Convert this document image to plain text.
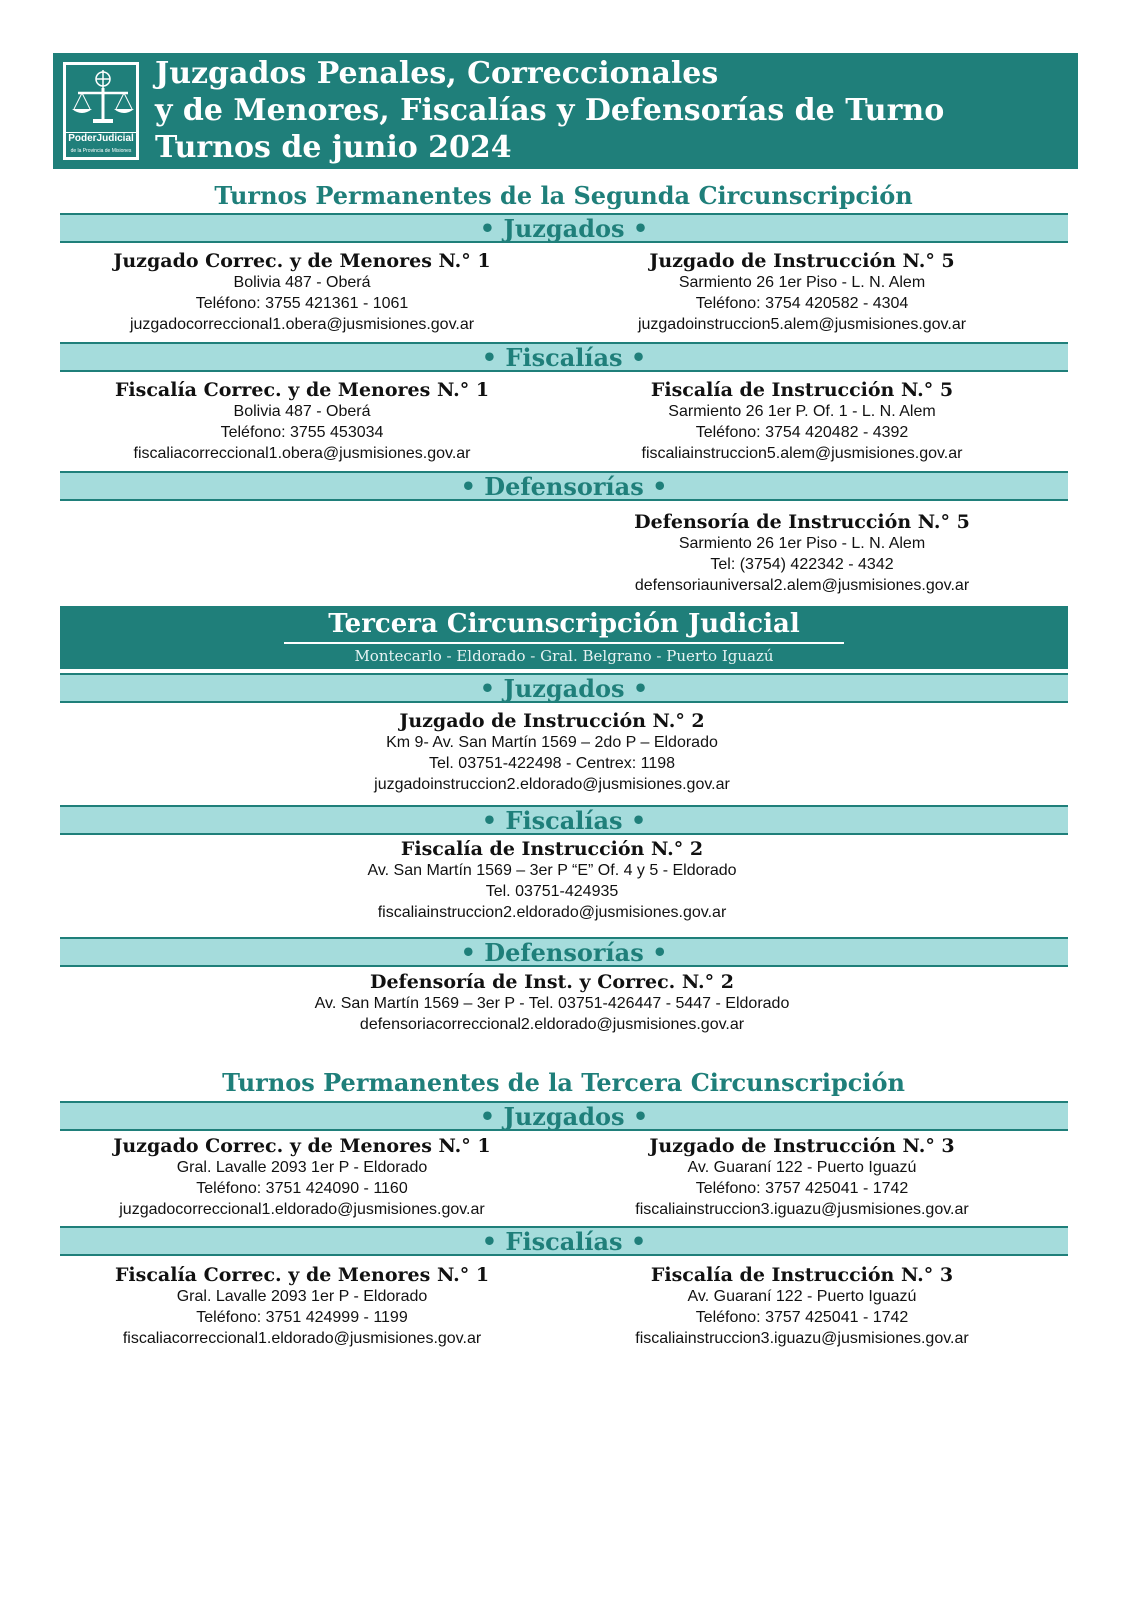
PoderJudicial
de la Provincia de Misiones
Juzgados Penales, Correccionales
y de Menores, Fiscalías y Defensorías de Turno
Turnos de junio 2024
Turnos Permanentes de la Segunda Circunscripción
• Juzgados •
Juzgado Correc. y de Menores N.° 1
Bolivia 487 - Oberá
Teléfono: 3755 421361 - 1061
juzgadocorreccional1.obera@jusmisiones.gov.ar
Juzgado de Instrucción N.° 5
Sarmiento 26 1er Piso - L. N. Alem
Teléfono: 3754 420582 - 4304
juzgadoinstruccion5.alem@jusmisiones.gov.ar
• Fiscalías •
Fiscalía Correc. y de Menores N.° 1
Bolivia 487 - Oberá
Teléfono: 3755 453034
fiscaliacorreccional1.obera@jusmisiones.gov.ar
Fiscalía de Instrucción N.° 5
Sarmiento 26 1er P. Of. 1 - L. N. Alem
Teléfono: 3754 420482 - 4392
fiscaliainstruccion5.alem@jusmisiones.gov.ar
• Defensorías •
Defensoría de Instrucción N.° 5
Sarmiento 26 1er Piso - L. N. Alem
Tel: (3754) 422342 - 4342
defensoriauniversal2.alem@jusmisiones.gov.ar
Tercera Circunscripción Judicial
Montecarlo - Eldorado - Gral. Belgrano - Puerto Iguazú
• Juzgados •
Juzgado de Instrucción N.° 2
Km 9- Av. San Martín 1569 – 2do P – Eldorado
Tel. 03751-422498 - Centrex: 1198
juzgadoinstruccion2.eldorado@jusmisiones.gov.ar
• Fiscalías •
Fiscalía de Instrucción N.° 2
Av. San Martín 1569 – 3er P “E” Of. 4 y 5 - Eldorado
Tel. 03751-424935
fiscaliainstruccion2.eldorado@jusmisiones.gov.ar
• Defensorías •
Defensoría de Inst. y Correc. N.° 2
Av. San Martín 1569 – 3er P - Tel. 03751-426447 - 5447 - Eldorado
defensoriacorreccional2.eldorado@jusmisiones.gov.ar
Turnos Permanentes de la Tercera Circunscripción
• Juzgados •
Juzgado Correc. y de Menores N.° 1
Gral. Lavalle 2093 1er P - Eldorado
Teléfono: 3751 424090 - 1160
juzgadocorreccional1.eldorado@jusmisiones.gov.ar
Juzgado de Instrucción N.° 3
Av. Guaraní 122 - Puerto Iguazú
Teléfono: 3757 425041 - 1742
fiscaliainstruccion3.iguazu@jusmisiones.gov.ar
• Fiscalías •
Fiscalía Correc. y de Menores N.° 1
Gral. Lavalle 2093 1er P - Eldorado
Teléfono: 3751 424999 - 1199
fiscaliacorreccional1.eldorado@jusmisiones.gov.ar
Fiscalía de Instrucción N.° 3
Av. Guaraní 122 - Puerto Iguazú
Teléfono: 3757 425041 - 1742
fiscaliainstruccion3.iguazu@jusmisiones.gov.ar
